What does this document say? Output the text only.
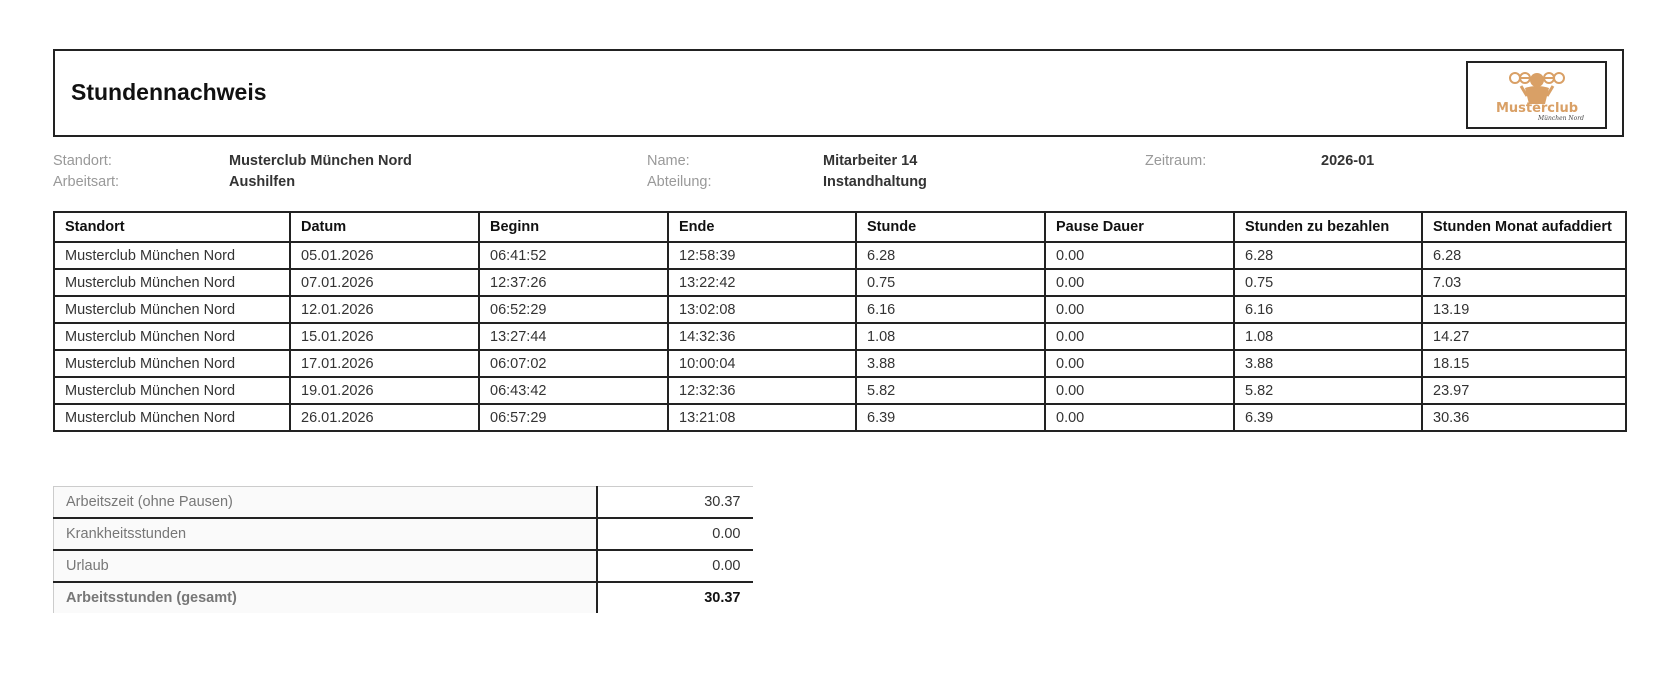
Stundennachweis
Musterclub
München Nord
Standort:	Musterclub München Nord
Arbeitsart:	Aushilfen
Name:	Mitarbeiter 14
Abteilung:	Instandhaltung
Zeitraum:	2026-01
Standort	Datum	Beginn	Ende	Stunde	Pause Dauer	Stunden zu bezahlen	Stunden Monat aufaddiert
Musterclub München Nord	05.01.2026	06:41:52	12:58:39	6.28	0.00	6.28	6.28
Musterclub München Nord	07.01.2026	12:37:26	13:22:42	0.75	0.00	0.75	7.03
Musterclub München Nord	12.01.2026	06:52:29	13:02:08	6.16	0.00	6.16	13.19
Musterclub München Nord	15.01.2026	13:27:44	14:32:36	1.08	0.00	1.08	14.27
Musterclub München Nord	17.01.2026	06:07:02	10:00:04	3.88	0.00	3.88	18.15
Musterclub München Nord	19.01.2026	06:43:42	12:32:36	5.82	0.00	5.82	23.97
Musterclub München Nord	26.01.2026	06:57:29	13:21:08	6.39	0.00	6.39	30.36
Arbeitszeit (ohne Pausen)	30.37
Krankheitsstunden	0.00
Urlaub	0.00
Arbeitsstunden (gesamt)	30.37
